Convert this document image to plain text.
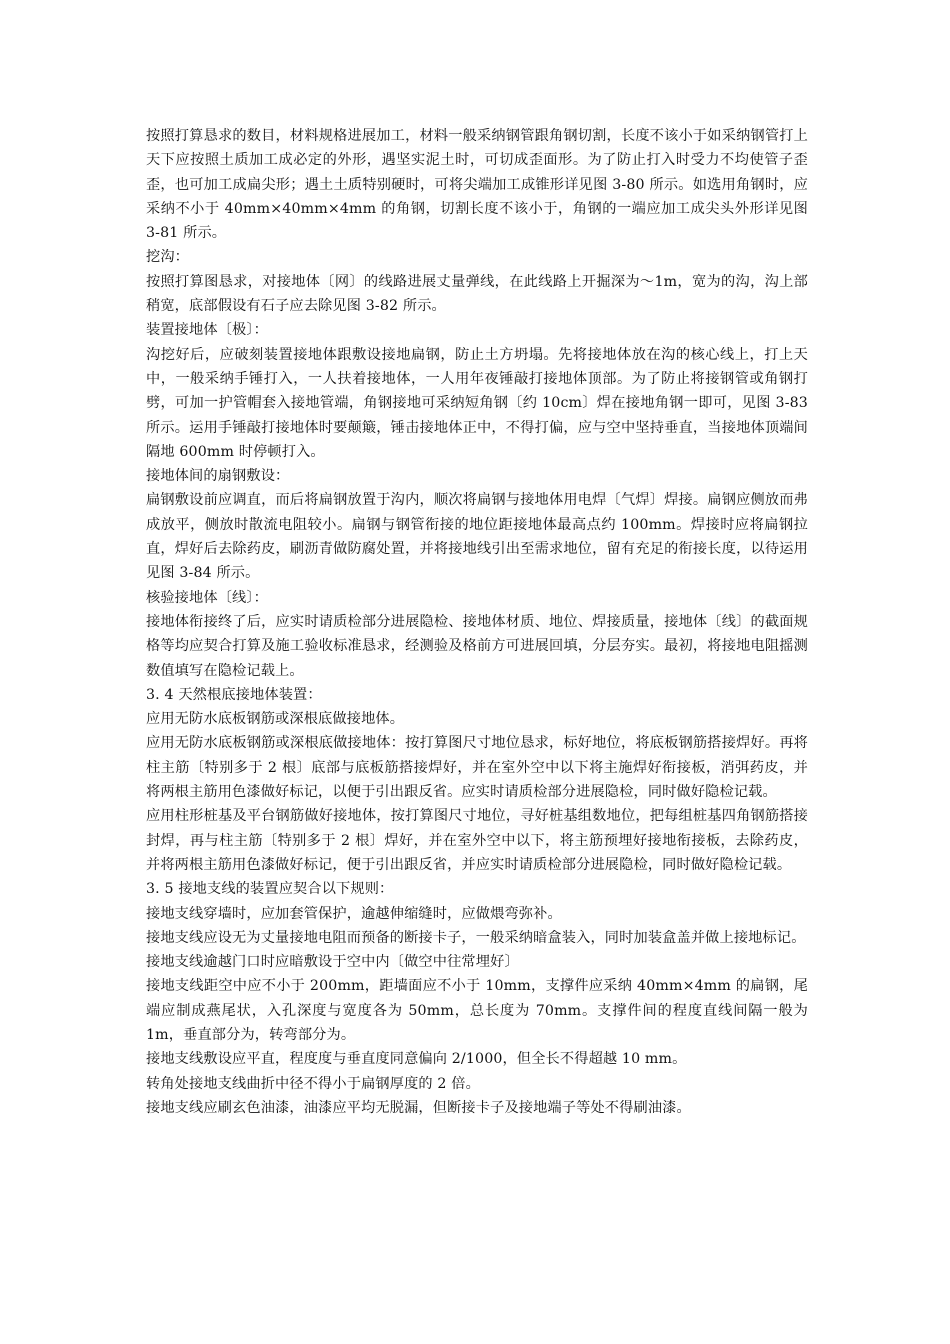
按照打算恳求的数目，材料规格进展加工，材料一般采纳钢管跟角钢切割，长度不该小于如采纳钢管打上天下应按照土质加工成必定的外形，遇坚实泥土时，可切成歪面形。为了防止打入时受力不均使管子歪歪，也可加工成扁尖形；遇土土质特别硬时，可将尖端加工成锥形详见图 3-80 所示。如选用角钢时，应采纳不小于 40mm×40mm×4mm 的角钢，切割长度不该小于，角钢的一端应加工成尖头外形详见图 3-81 所示。

挖沟：

按照打算图恳求，对接地体〔网〕的线路进展丈量弹线，在此线路上开掘深为～1m，宽为的沟，沟上部稍宽，底部假设有石子应去除见图 3-82 所示。

装置接地体〔极〕：

沟挖好后，应破刻装置接地体跟敷设接地扁钢，防止土方坍塌。先将接地体放在沟的核心线上，打上天中，一般采纳手锤打入，一人扶着接地体，一人用年夜锤敲打接地体顶部。为了防止将接钢管或角钢打劈，可加一护管帽套入接地管端，角钢接地可采纳短角钢〔约 10cm〕焊在接地角钢一即可，见图 3-83 所示。运用手锤敲打接地体时要颠簸，锤击接地体正中，不得打偏，应与空中坚持垂直，当接地体顶端间隔地 600mm 时停顿打入。

接地体间的扇钢敷设：

扁钢敷设前应调直，而后将扁钢放置于沟内，顺次将扁钢与接地体用电焊〔气焊〕焊接。扁钢应侧放而弗成放平，侧放时散流电阻较小。扁钢与钢管衔接的地位距接地体最高点约 100mm。焊接时应将扁钢拉直，焊好后去除药皮，刷沥青做防腐处置，并将接地线引出至需求地位，留有充足的衔接长度，以待运用见图 3-84 所示。

核验接地体〔线〕：

接地体衔接终了后，应实时请质检部分进展隐检、接地体材质、地位、焊接质量，接地体〔线〕的截面规格等均应契合打算及施工验收标准恳求，经测验及格前方可进展回填，分层夯实。最初，将接地电阻摇测数值填写在隐检记载上。

3. 4 天然根底接地体装置：

应用无防水底板钢筋或深根底做接地体。

应用无防水底板钢筋或深根底做接地体：按打算图尺寸地位恳求，标好地位，将底板钢筋搭接焊好。再将柱主筋〔特别多于 2 根〕底部与底板筋搭接焊好，并在室外空中以下将主施焊好衔接板，消弭药皮，并将两根主筋用色漆做好标记，以便于引出跟反省。应实时请质检部分进展隐检，同时做好隐检记载。

应用柱形桩基及平台钢筋做好接地体，按打算图尺寸地位，寻好桩基组数地位，把每组桩基四角钢筋搭接封焊，再与柱主筋〔特别多于 2 根〕焊好，并在室外空中以下，将主筋预埋好接地衔接板，去除药皮，并将两根主筋用色漆做好标记，便于引出跟反省，并应实时请质检部分进展隐检，同时做好隐检记载。

3. 5 接地支线的装置应契合以下规则：

接地支线穿墙时，应加套管保护，逾越伸缩缝时，应做煨弯弥补。

接地支线应设无为丈量接地电阻而预备的断接卡子，一般采纳暗盒装入，同时加装盒盖并做上接地标记。

接地支线逾越门口时应暗敷设于空中内〔做空中往常埋好〕

接地支线距空中应不小于 200mm，距墙面应不小于 10mm，支撑件应采纳 40mm×4mm 的扁钢，尾端应制成燕尾状，入孔深度与宽度各为 50mm，总长度为 70mm。支撑件间的程度直线间隔一般为 1m，垂直部分为，转弯部分为。

接地支线敷设应平直，程度度与垂直度同意偏向 2/1000，但全长不得超越 10 mm。

转角处接地支线曲折中径不得小于扁钢厚度的 2 倍。

接地支线应刷玄色油漆，油漆应平均无脱漏，但断接卡子及接地端子等处不得刷油漆。
